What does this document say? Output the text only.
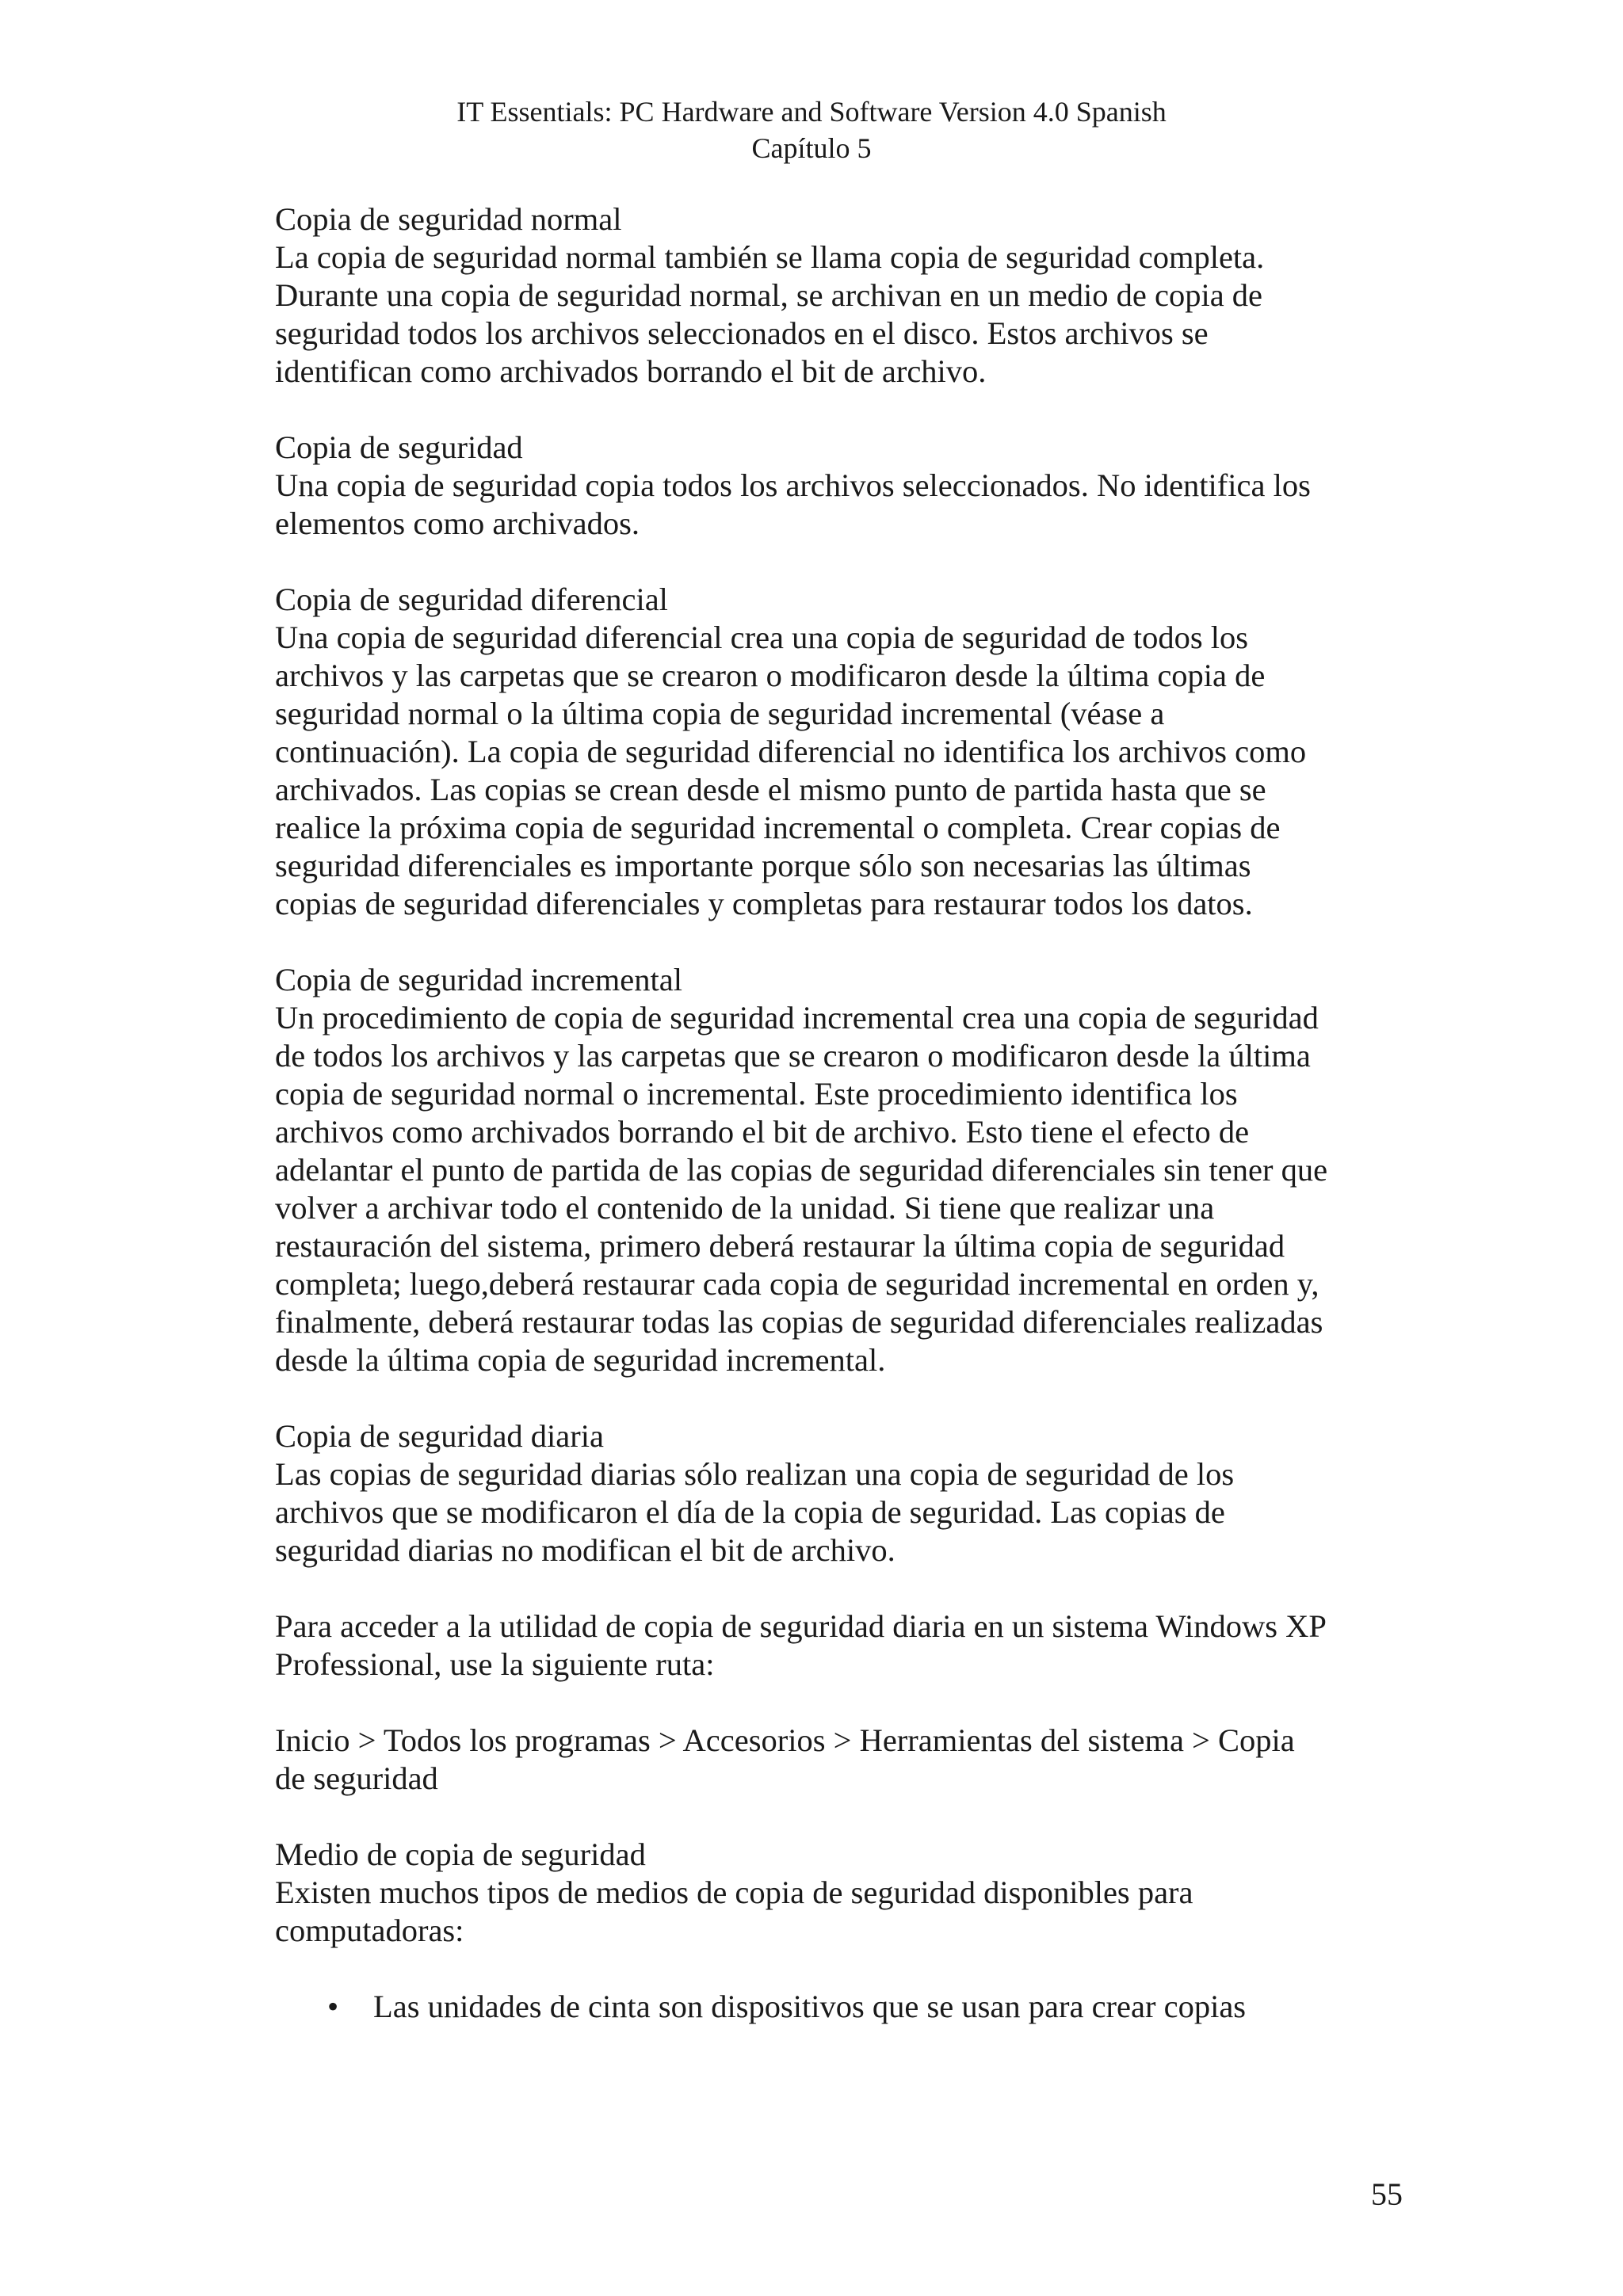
IT Essentials: PC Hardware and Software Version 4.0 Spanish
Capítulo 5

Copia de seguridad normal
La copia de seguridad normal también se llama copia de seguridad completa. Durante una copia de seguridad normal, se archivan en un medio de copia de seguridad todos los archivos seleccionados en el disco. Estos archivos se identifican como archivados borrando el bit de archivo.

Copia de seguridad
Una copia de seguridad copia todos los archivos seleccionados. No identifica los elementos como archivados.

Copia de seguridad diferencial
Una copia de seguridad diferencial crea una copia de seguridad de todos los archivos y las carpetas que se crearon o modificaron desde la última copia de seguridad normal o la última copia de seguridad incremental (véase a continuación). La copia de seguridad diferencial no identifica los archivos como archivados. Las copias se crean desde el mismo punto de partida hasta que se realice la próxima copia de seguridad incremental o completa. Crear copias de seguridad diferenciales es importante porque sólo son necesarias las últimas copias de seguridad diferenciales y completas para restaurar todos los datos.

Copia de seguridad incremental
Un procedimiento de copia de seguridad incremental crea una copia de seguridad de todos los archivos y las carpetas que se crearon o modificaron desde la última copia de seguridad normal o incremental. Este procedimiento identifica los archivos como archivados borrando el bit de archivo. Esto tiene el efecto de adelantar el punto de partida de las copias de seguridad diferenciales sin tener que volver a archivar todo el contenido de la unidad. Si tiene que realizar una restauración del sistema, primero deberá restaurar la última copia de seguridad completa; luego,deberá restaurar cada copia de seguridad incremental en orden y, finalmente, deberá restaurar todas las copias de seguridad diferenciales realizadas desde la última copia de seguridad incremental.

Copia de seguridad diaria
Las copias de seguridad diarias sólo realizan una copia de seguridad de los archivos que se modificaron el día de la copia de seguridad. Las copias de seguridad diarias no modifican el bit de archivo.

Para acceder a la utilidad de copia de seguridad diaria en un sistema Windows XP Professional, use la siguiente ruta:

Inicio > Todos los programas > Accesorios > Herramientas del sistema > Copia de seguridad

Medio de copia de seguridad
Existen muchos tipos de medios de copia de seguridad disponibles para computadoras:

• Las unidades de cinta son dispositivos que se usan para crear copias
55
